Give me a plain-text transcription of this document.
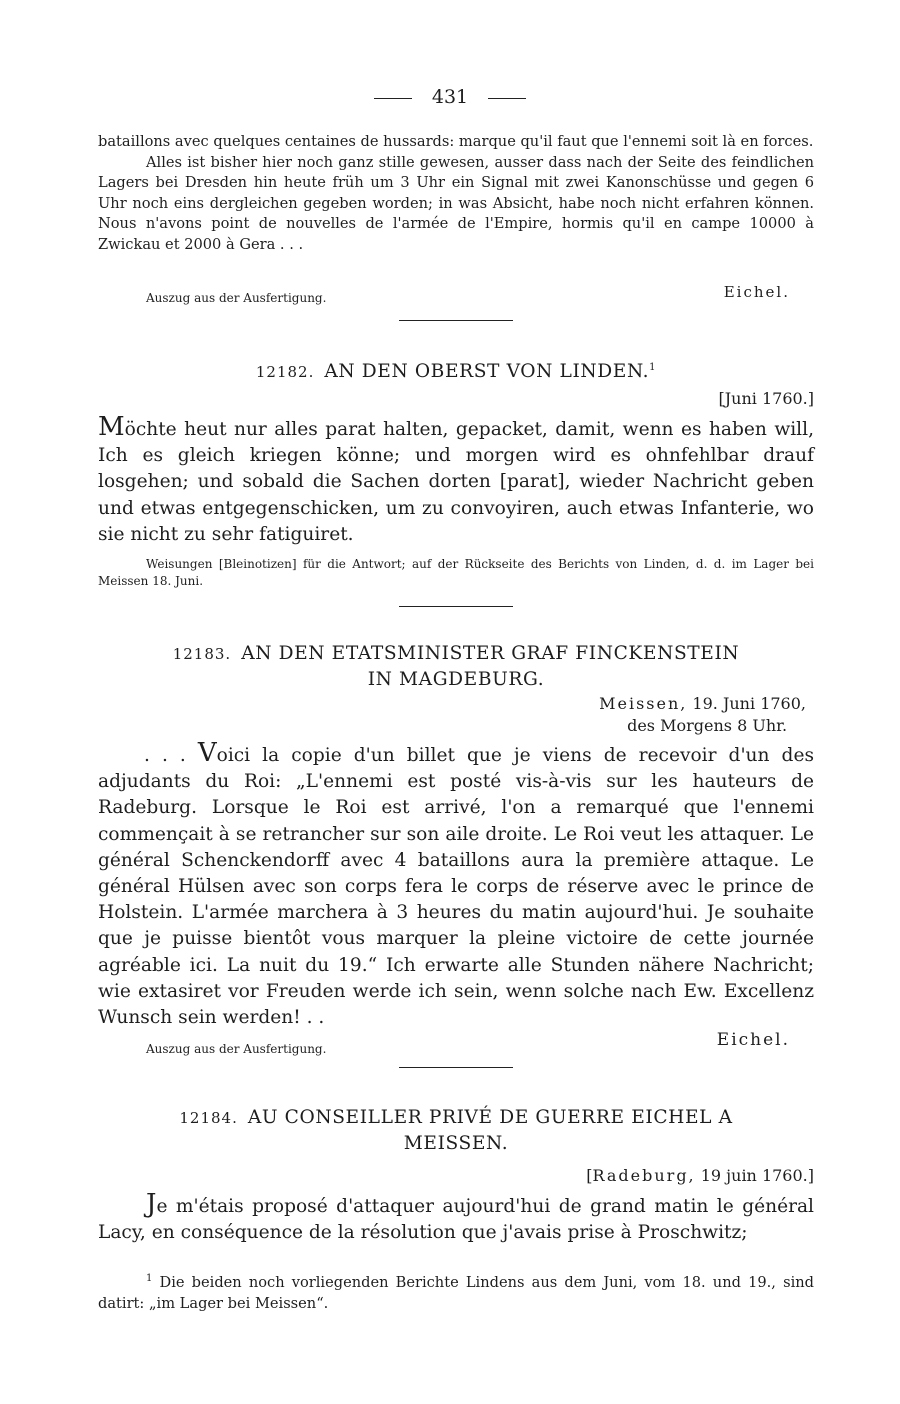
431

bataillons avec quelques centaines de hussards: marque qu'il faut que l'ennemi soit là en forces.

Alles ist bisher hier noch ganz stille gewesen, ausser dass nach der Seite des feindlichen Lagers bei Dresden hin heute früh um 3 Uhr ein Signal mit zwei Kanonschüsse und gegen 6 Uhr noch eins dergleichen gegeben worden; in was Absicht, habe noch nicht erfahren können. Nous n'avons point de nouvelles de l'armée de l'Empire, hormis qu'il en campe 10000 à Zwickau et 2000 à Gera . . .

Auszug aus der Ausfertigung.	Eichel.
12182. AN DEN OBERST VON LINDEN.$^1$
[Juni 1760.]

Möchte heut nur alles parat halten, gepacket, damit, wenn es haben will, Ich es gleich kriegen könne; und morgen wird es ohnfehlbar drauf losgehen; und sobald die Sachen dorten [parat], wieder Nachricht geben und etwas entgegenschicken, um zu convoyiren, auch etwas Infanterie, wo sie nicht zu sehr fatiguiret.

Weisungen [Bleinotizen] für die Antwort; auf der Rückseite des Berichts von Linden, d. d. im Lager bei Meissen 18. Juni.
12183. AN DEN ETATSMINISTER GRAF FINCKENSTEIN
IN MAGDEBURG.
Meissen, 19. Juni 1760,
des Morgens 8 Uhr.

. . . Voici la copie d'un billet que je viens de recevoir d'un des adjudants du Roi: „L'ennemi est posté vis-à-vis sur les hauteurs de Radeburg. Lorsque le Roi est arrivé, l'on a remarqué que l'ennemi commençait à se retrancher sur son aile droite. Le Roi veut les attaquer. Le général Schenckendorff avec 4 bataillons aura la première attaque. Le général Hülsen avec son corps fera le corps de réserve avec le prince de Holstein. L'armée marchera à 3 heures du matin aujourd'hui. Je souhaite que je puisse bientôt vous marquer la pleine victoire de cette journée agréable ici. La nuit du 19.“ Ich erwarte alle Stunden nähere Nachricht; wie extasiret vor Freuden werde ich sein, wenn solche nach Ew. Excellenz Wunsch sein werden! . .

Auszug aus der Ausfertigung.	Eichel.
12184. AU CONSEILLER PRIVÉ DE GUERRE EICHEL A
MEISSEN.
[Radeburg, 19 juin 1760.]

Je m'étais proposé d'attaquer aujourd'hui de grand matin le général Lacy, en conséquence de la résolution que j'avais prise à Proschwitz;

$^1$ Die beiden noch vorliegenden Berichte Lindens aus dem Juni, vom 18. und 19., sind datirt: „im Lager bei Meissen“.
